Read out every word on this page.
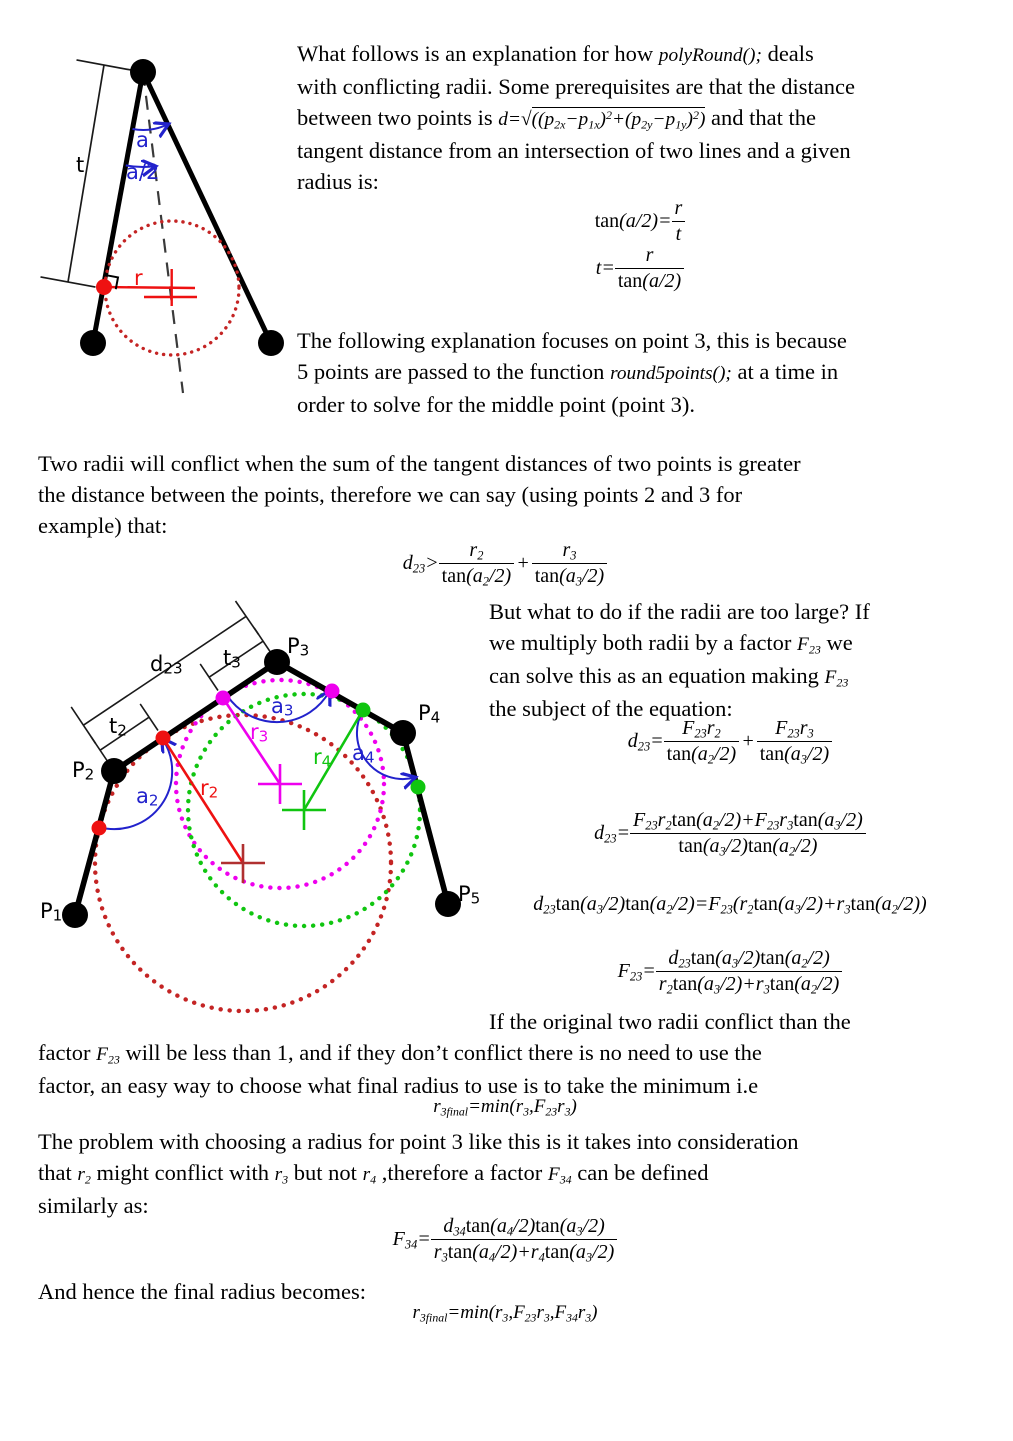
t
a
a/2
r
What follows is an explanation for how polyRound(); deals
with conflicting radii. Some prerequisites are that the distance
between two points is $d=√((p_{2x}-p_{1x})^2+(p_{2y}-p_{1y})^2)$ and that the
tangent distance from an intersection of two lines and a given
radius is:
$\tan(a/2)= \frac{r}{t}$
$t= \frac{r}{\tan(a/2)}$
The following explanation focuses on point 3, this is because
5 points are passed to the function round5points(); at a time in
order to solve for the middle point (point 3).
Two radii will conflict when the sum of the tangent distances of two points is greater
the distance between the points, therefore we can say (using points 2 and 3 for
example) that:
$d_{23}> \frac{r_2}{\tan(a_2/2)} + \frac{r_3}{\tan(a_3/2)}$
$d_{23}$ $t_3$
$t_2$
$P_1$
$P_2$
$P_3$
$P_4$
$P_5$
$a_2$
$a_3$
$a_4$
$r_2$
$r_3$
$r_4$
But what to do if the radii are too large? If
we multiply both radii by a factor $F_{23}$ we
can solve this as an equation making $F_{23}$
the subject of the equation:
$d_{23}= \frac{F_{23}r_2}{\tan(a_2/2)} + \frac{F_{23}r_3}{\tan(a_3/2)}$
$d_{23}= \frac{F_{23}r_2\tan(a_2/2)+F_{23}r_3\tan(a_3/2)}{\tan(a_3/2)\tan(a_2/2)}$
$d_{23}\tan(a_3/2)\tan(a_2/2)=F_{23}(r_2\tan(a_3/2)+r_3\tan(a_2/2))$
$F_{23}= \frac{d_{23}\tan(a_3/2)\tan(a_2/2)}{r_2\tan(a_3/2)+r_3\tan(a_2/2)}$
If the original two radii conflict than the
factor $F_{23}$ will be less than 1, and if they don’t conflict there is no need to use the
factor, an easy way to choose what final radius to use is to take the minimum i.e
$r_{3final}=\min(r_3,F_{23}r_3)$
The problem with choosing a radius for point 3 like this is it takes into consideration
that $r_2$ might conflict with $r_3$ but not $r_4$ ,therefore a factor $F_{34}$ can be defined
similarly as:
$F_{34}= \frac{d_{34}\tan(a_4/2)\tan(a_3/2)}{r_3\tan(a_4/2)+r_4\tan(a_3/2)}$
And hence the final radius becomes:
$r_{3final}=\min(r_3,F_{23}r_3,F_{34}r_3)$
